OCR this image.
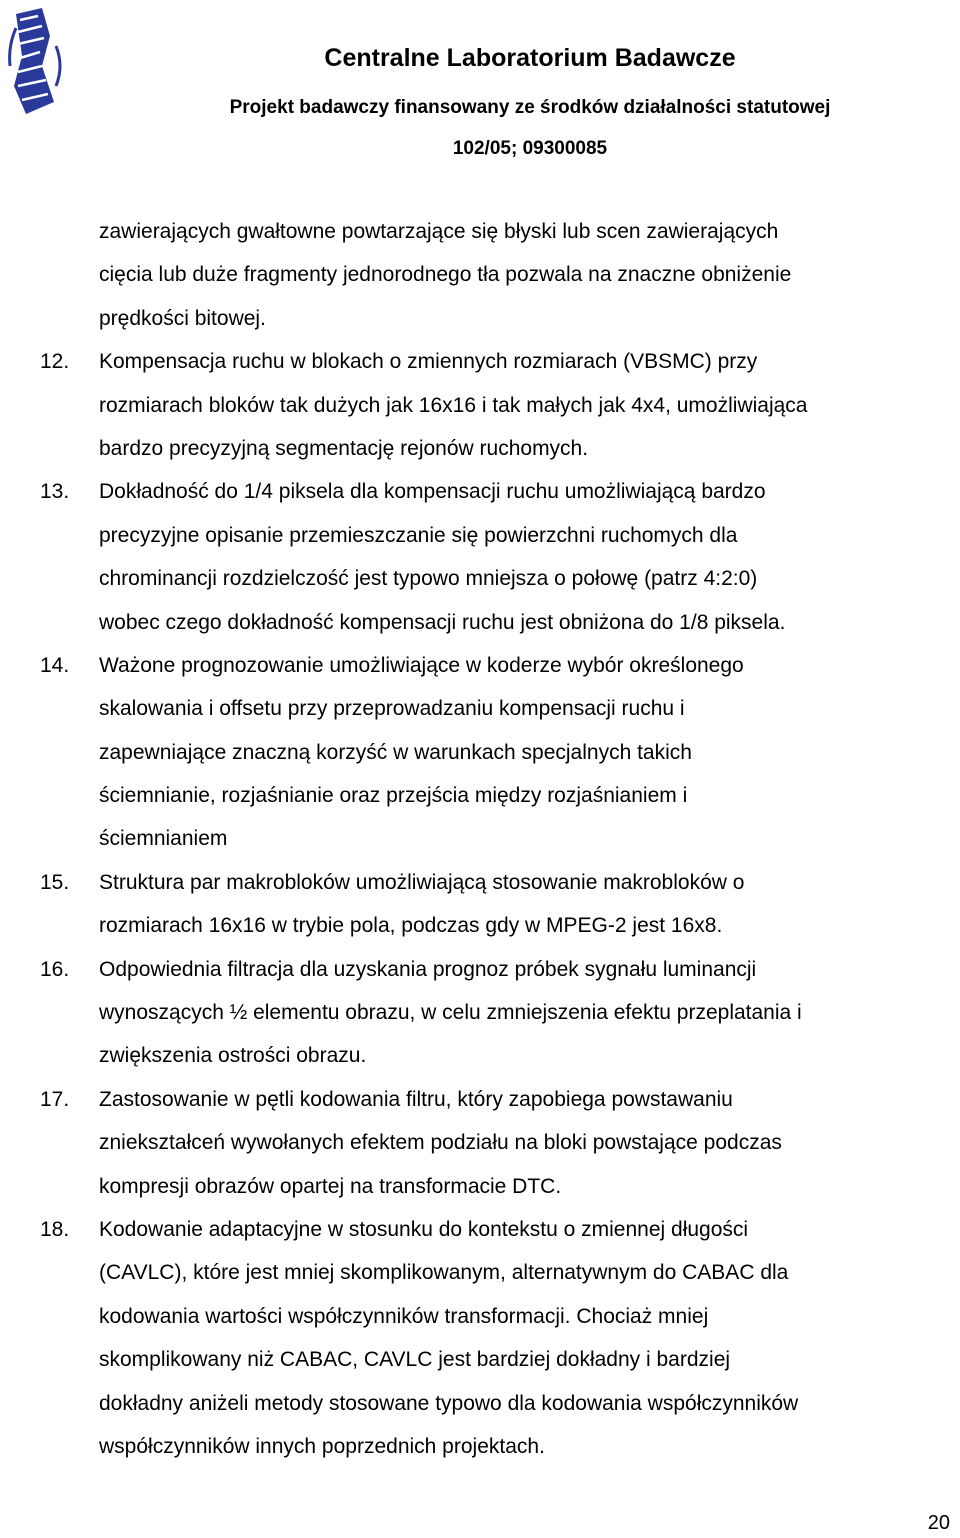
Centralne Laboratorium Badawcze
Projekt badawczy finansowany ze środków działalności statutowej
102/05; 09300085
zawierających gwałtowne powtarzające się błyski lub scen zawierających
cięcia lub duże fragmenty jednorodnego tła pozwala na znaczne obniżenie
prędkości bitowej.
12. Kompensacja ruchu w blokach o zmiennych rozmiarach (VBSMC) przy
rozmiarach bloków tak dużych jak 16x16 i tak małych jak 4x4, umożliwiająca
bardzo precyzyjną segmentację rejonów ruchomych.
13. Dokładność do 1/4 piksela dla kompensacji ruchu umożliwiającą bardzo
precyzyjne opisanie przemieszczanie się powierzchni ruchomych dla
chrominancji rozdzielczość jest typowo mniejsza o połowę (patrz 4:2:0)
wobec czego dokładność kompensacji ruchu jest obniżona do 1/8 piksela.
14. Ważone prognozowanie umożliwiające w koderze wybór określonego
skalowania i offsetu przy przeprowadzaniu kompensacji ruchu i
zapewniające znaczną korzyść w warunkach specjalnych takich
ściemnianie, rozjaśnianie oraz przejścia między rozjaśnianiem i
ściemnianiem
15. Struktura par makrobloków umożliwiającą stosowanie makrobloków o
rozmiarach 16x16 w trybie pola, podczas gdy w MPEG-2 jest 16x8.
16. Odpowiednia filtracja dla uzyskania prognoz próbek sygnału luminancji
wynoszących ½ elementu obrazu, w celu zmniejszenia efektu przeplatania i
zwiększenia ostrości obrazu.
17. Zastosowanie w pętli kodowania filtru, który zapobiega powstawaniu
zniekształceń wywołanych efektem podziału na bloki powstające podczas
kompresji obrazów opartej na transformacie DTC.
18. Kodowanie adaptacyjne w stosunku do kontekstu o zmiennej długości
(CAVLC), które jest mniej skomplikowanym, alternatywnym do CABAC dla
kodowania wartości współczynników transformacji. Chociaż mniej
skomplikowany niż CABAC, CAVLC jest bardziej dokładny i bardziej
dokładny aniżeli metody stosowane typowo dla kodowania współczynników
współczynników innych poprzednich projektach.
20
